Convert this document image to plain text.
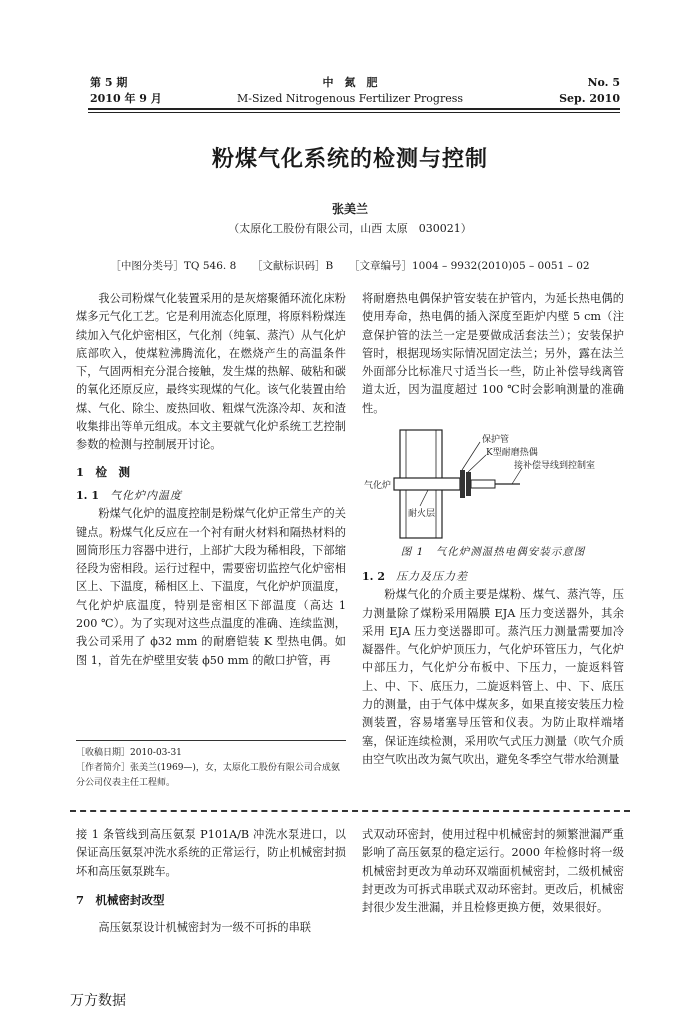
第 5 期
2010 年 9 月
中　氮　肥
M-Sized Nitrogenous Fertilizer Progress
No. 5
Sep. 2010
粉煤气化系统的检测与控制
张美兰
（太原化工股份有限公司，山西 太原　030021）
［中图分类号］TQ 546. 8　　［文献标识码］B　　［文章编号］1004 – 9932(2010)05 – 0051 – 02

我公司粉煤气化装置采用的是灰熔聚循环流化床粉煤多元气化工艺。它是利用流态化原理，将原料粉煤连续加入气化炉密相区，气化剂（纯氧、蒸汽）从气化炉底部吹入，使煤粒沸腾流化，在燃烧产生的高温条件下，气固两相充分混合接触，发生煤的热解、破粘和碳的氧化还原反应，最终实现煤的气化。该气化装置由给煤、气化、除尘、废热回收、粗煤气洗涤冷却、灰和渣收集排出等单元组成。本文主要就气化炉系统工艺控制参数的检测与控制展开讨论。

1　检　测

1. 1　 气化炉内温度

粉煤气化炉的温度控制是粉煤气化炉正常生产的关键点。粉煤气化反应在一个衬有耐火材料和隔热材料的圆筒形压力容器中进行，上部扩大段为稀相段，下部缩径段为密相段。运行过程中，需要密切监控气化炉密相区上、下温度，稀相区上、下温度，气化炉炉顶温度，气化炉炉底温度，特别是密相区下部温度（高达 1 200 ℃）。为了实现对这些点温度的准确、连续监测，我公司采用了 ϕ32 mm 的耐磨铠装 K 型热电偶。如图 1，首先在炉壁里安装 ϕ50 mm 的敞口护管，再

［收稿日期］2010-03-31
［作者简介］张美兰(1969—)，女，太原化工股份有限公司合成氨分公司仪表主任工程师。

将耐磨热电偶保护管安装在护管内，为延长热电偶的使用寿命，热电偶的插入深度至距炉内壁 5 cm（注意保护管的法兰一定是要做成活套法兰）；安装保护管时，根据现场实际情况固定法兰；另外，露在法兰外面部分比标准尺寸适当长一些，防止补偿导线离管道太近，因为温度超过 100 ℃时会影响测量的准确性。

保护管
K型耐磨热偶
接补偿导线到控制室
气化炉
耐火层
图 1　气化炉测温热电偶安装示意图

1. 2　 压力及压力差

粉煤气化的介质主要是煤粉、煤气、蒸汽等，压力测量除了煤粉采用隔膜 EJA 压力变送器外，其余采用 EJA 压力变送器即可。蒸汽压力测量需要加冷凝器件。气化炉炉顶压力，气化炉环管压力，气化炉中部压力，气化炉分布板中、下压力，一旋返料管上、中、下、底压力，二旋返料管上、中、下、底压力的测量，由于气体中煤灰多，如果直接安装压力检测装置，容易堵塞导压管和仪表。为防止取样端堵塞，保证连续检测，采用吹气式压力测量（吹气介质由空气吹出改为氮气吹出，避免冬季空气带水给测量

接 1 条管线到高压氨泵 P101A/B 冲洗水泵进口，以保证高压氨泵冲洗水系统的正常运行，防止机械密封损坏和高压氨泵跳车。

7　机械密封改型

高压氨泵设计机械密封为一级不可拆的串联

式双动环密封，使用过程中机械密封的频繁泄漏严重影响了高压氨泵的稳定运行。2000 年检修时将一级机械密封更改为单动环双端面机械密封，二级机械密封更改为可拆式串联式双动环密封。更改后，机械密封很少发生泄漏，并且检修更换方便，效果很好。

万方数据
